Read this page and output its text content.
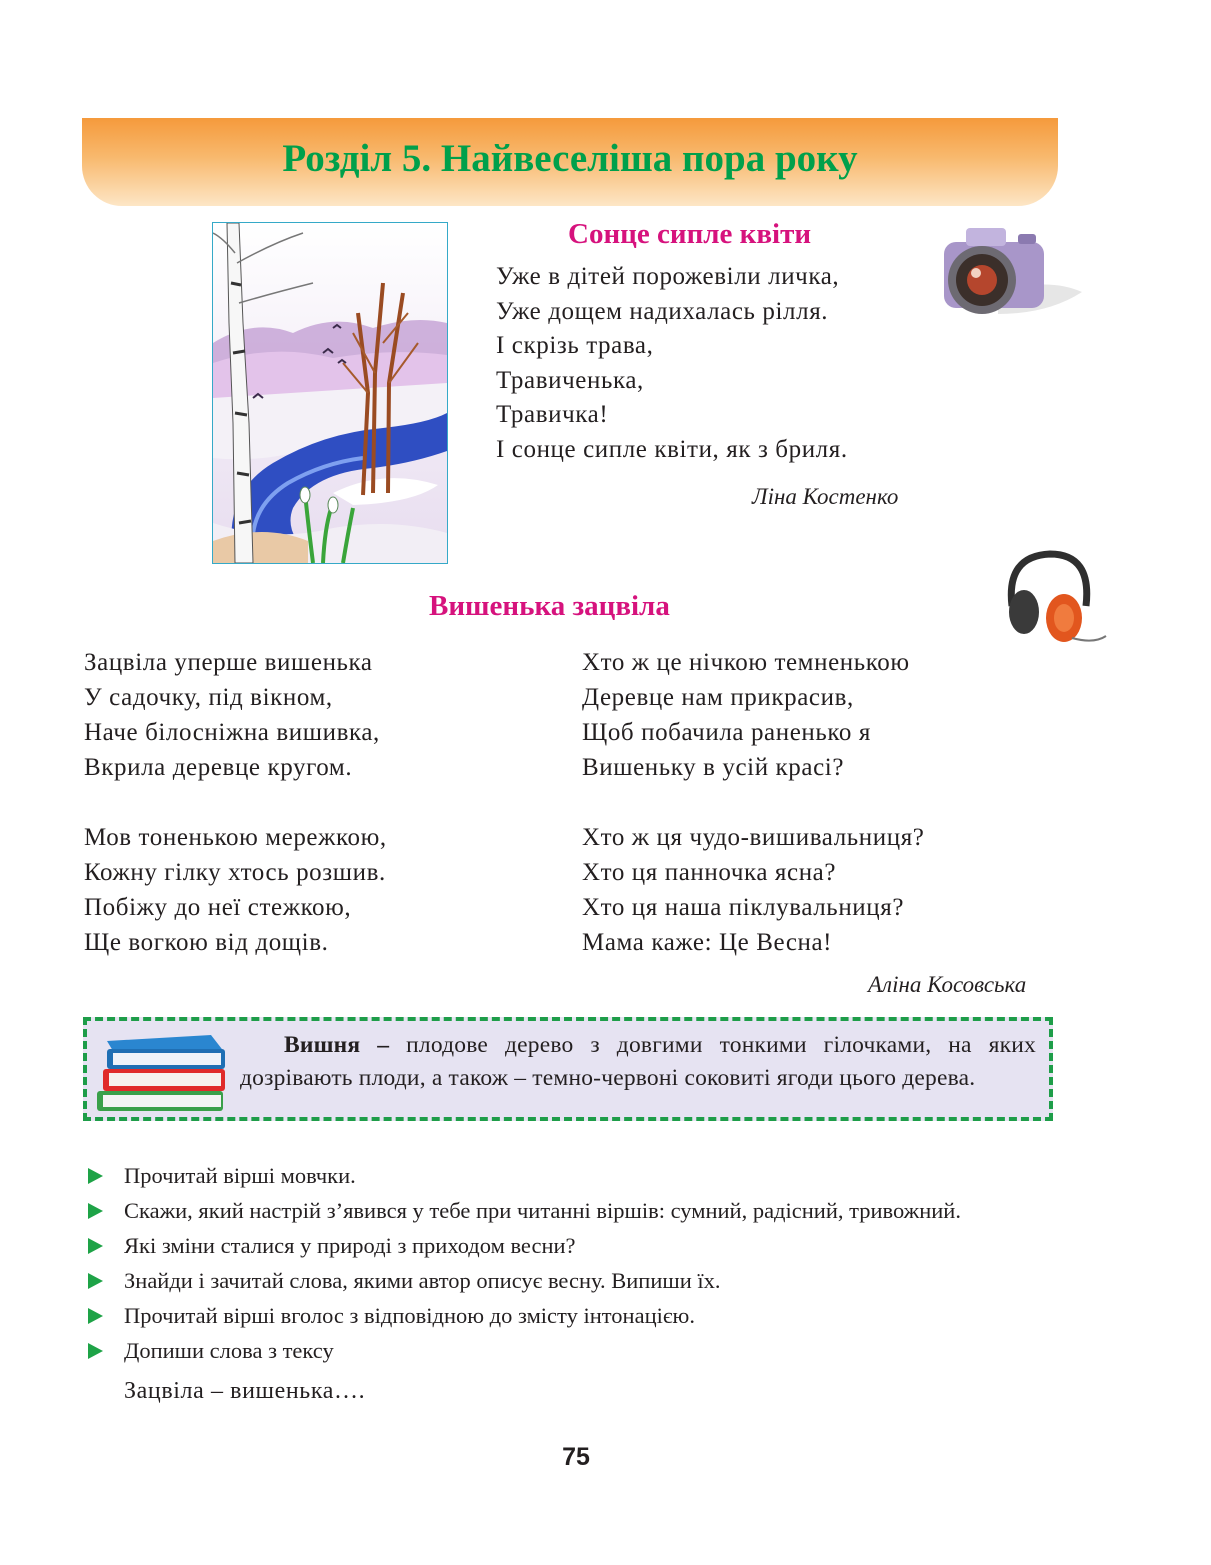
Розділ 5. Найвеселіша пора року
Сонце сипле квіти
Уже в дітей порожевіли личка,
Уже дощем надихалась рілля.
І скрізь трава,
Травиченька,
Травичка!
І сонце сипле квіти, як з бриля.
Ліна Костенко
Вишенька зацвіла
Зацвіла уперше вишенька
У садочку, під вікном,
Наче білосніжна вишивка,
Вкрила деревце кругом.
Мов тоненькою мережкою,
Кожну гілку хтось розшив.
Побіжу до неї стежкою,
Ще вогкою від дощів.
Хто ж це нічкою темненькою
Деревце нам прикрасив,
Щоб побачила раненько я
Вишеньку в усій красі?
Хто ж ця чудо-вишивальниця?
Хто ця панночка ясна?
Хто ця наша піклувальниця?
Мама каже: Це Весна!
Аліна Косовська
Вишня – плодове дерево з довгими тонкими гілочками, на яких дозрівають плоди, а також – темно-червоні соковиті ягоди цього дерева.
Прочитай вірші мовчки.
Скажи, який настрій з’явився у тебе при читанні віршів: сумний, радісний, тривожний.
Які зміни сталися у природі з приходом весни?
Знайди і зачитай слова, якими автор описує весну. Випиши їх.
Прочитай вірші вголос з відповідною до змісту інтонацією.
Допиши слова з тексу
Зацвіла – вишенька….
75
